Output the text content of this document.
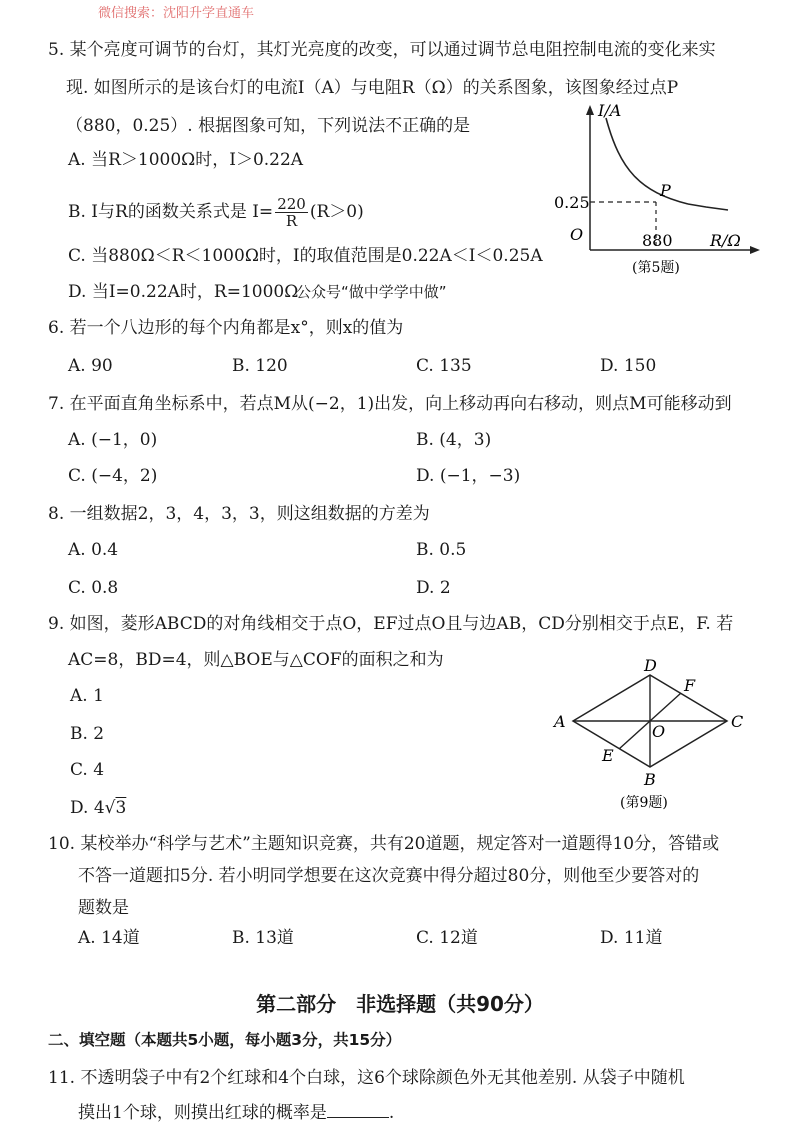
微信搜索：沈阳升学直通车
5. 某个亮度可调节的台灯，其灯光亮度的改变，可以通过调节总电阻控制电流的变化来实
现. 如图所示的是该台灯的电流I（A）与电阻R（Ω）的关系图象，该图象经过点P
（880，0.25）. 根据图象可知，下列说法不正确的是
A. 当R＞1000Ω时，I＞0.22A
B. I与R的函数关系式是 $I= \frac{220}{R} (R>0)$
C. 当880Ω＜R＜1000Ω时，I的取值范围是0.22A＜I＜0.25A
D. 当I=0.22A时，R=1000Ω
公众号“做中学学中做”
P
I/A
R/Ω
0.25
O	880
(第5题)
6. 若一个八边形的每个内角都是x°，则x的值为
A. 90	B. 120	C. 135	D. 150
7. 在平面直角坐标系中，若点M从(−2，1)出发，向上移动再向右移动，则点M可能移动到
A. (−1，0)	B. (4，3)
C. (−4，2)	D. (−1，−3)
8. 一组数据2，3，4，3，3，则这组数据的方差为
A. 0.4	B. 0.5
C. 0.8	D. 2
9. 如图，菱形ABCD的对角线相交于点O，EF过点O且与边AB，CD分别相交于点E，F. 若
AC=8，BD=4，则△BOE与△COF的面积之和为
A. 1
B. 2
C. 4
D. 4√3
A	C
D
B
F
E
O
(第9题)
10. 某校举办“科学与艺术”主题知识竞赛，共有20道题，规定答对一道题得10分，答错或
不答一道题扣5分. 若小明同学想要在这次竞赛中得分超过80分，则他至少要答对的
题数是
A. 14道	B. 13道	C. 12道	D. 11道
第二部分　非选择题（共90分）
二、填空题（本题共5小题，每小题3分，共15分）
11. 不透明袋子中有2个红球和4个白球，这6个球除颜色外无其他差别. 从袋子中随机
摸出1个球，则摸出红球的概率是	.
